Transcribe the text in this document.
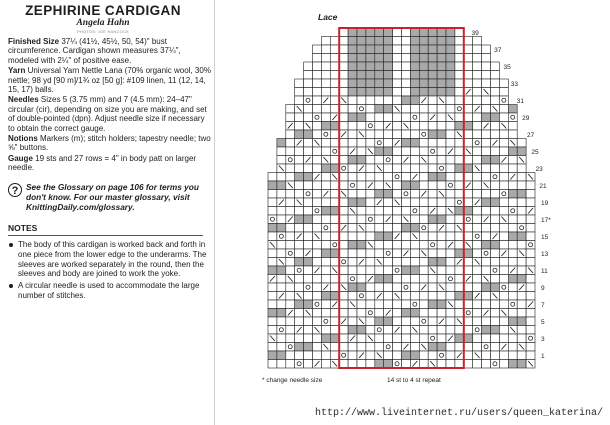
ZEPHIRINE CARDIGAN
Angela Hahn
PHOTOS: JOE HANCOCK

Finished Size 37¼ (41½, 45½, 50, 54)" bust circumference. Cardigan shown measures 37¼", modeled with 2¼" of positive ease.

Yarn Universal Yarn Nettle Lana (70% organic wool, 30% nettle; 98 yd [90 m]/1¾ oz [50 g]: #109 linen, 11 (12, 14, 15, 17) balls.

Needles Sizes 5 (3.75 mm) and 7 (4.5 mm): 24–47" circular (cir), depending on size you are making, and set of double-pointed (dpn). Adjust needle size if necessary to obtain the correct gauge.

Notions Markers (m); stitch holders; tapestry needle; two ⅝" buttons.

Gauge 19 sts and 27 rows = 4" in body patt on larger needle.

? See the Glossary on page 106 for terms you don't know. For our master glossary, visit KnittingDaily.com/glossary.
NOTES
The body of this cardigan is worked back and forth in one piece from the lower edge to the underarms. The sleeves are worked separately in the round, then the sleeves and body are joined to work the yoke.
A circular needle is used to accommodate the large number of stitches.
Lace
39
37
35
33
31
29
27
25
23
21
19
17*
15
13
11
9
7
5
3
1
* change needle size	14 st to 4 st repeat
http://www.liveinternet.ru/users/queen_katerina/
